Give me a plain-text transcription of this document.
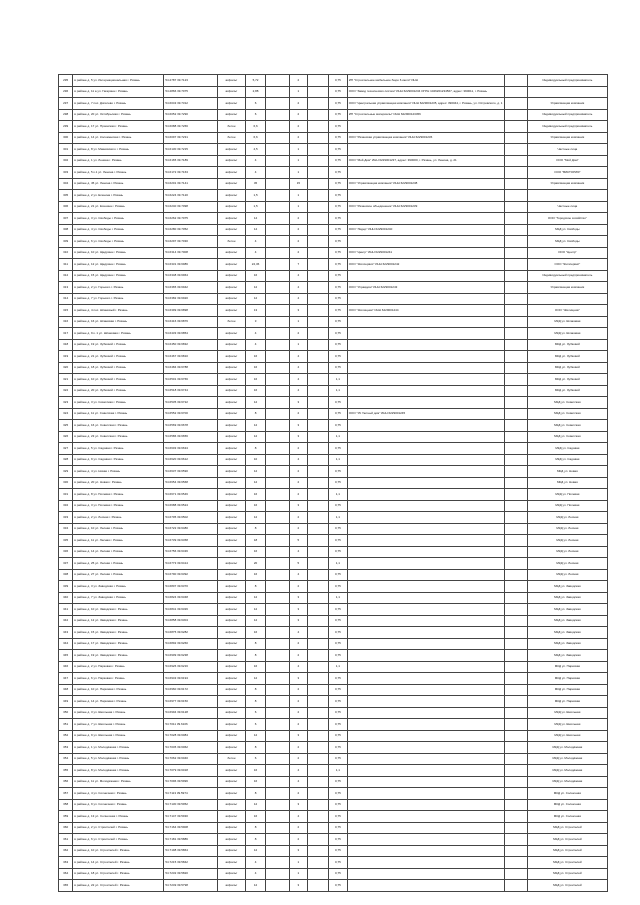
295	в районе д. 5 ул. Интернациональная г. Рязань	54.2787 39.7123	асфальт	5,72		2		0,75	ИП "Строительное мебельное бюро 6 июля" ИНН		Индивидуальный предприниматель
296	в районе д. 11 а ул. Гагарина г. Рязань	54.2866 39.7075	асфальт	2,88		1		0,75	ООО "Завод технических систем" ИНН 6229001234 ОГРН 1026201234567, адрес: 390011, г. Рязань		
297	в районе д. 7 пос. Дягилево г. Рязань	54.6043 39.7312	асфальт	6		2		0,75	ООО "Центральная управляющая компания" ИНН 6229001235, адрес: 390044, г. Рязань, ул. Островского, д. 1		Управляющая компания
298	в районе д. 20 ул. Октябрьская г. Рязань	54.6052 39.7290	асфальт	6		2		0,75	ИП "Строительные материалы" ИНН 622900123456		Индивидуальный предприниматель
299	в районе д. 17 ул. Приокская г. Рязань	54.6088 39.7266	бетон	6,6		2		0,75			Индивидуальный предприниматель
300	в районе д. 14 ул. Коломенская г. Рязань	54.6097 39.7231	бетон	6,6		2		0,75	ООО "Рязанская управляющая компания" ИНН 6229001236		Управляющая компания
301	в районе д. 8 ул. Маяковского г. Рязань	54.6130 39.7215	асфальт	4,5		1		0,75			Частные лица
302	в районе д. 1 ул. Ленина г. Рязань	54.6165 39.7189	асфальт	4		1		0,75	ООО "Мой Дом" ИНН 6229001237, адрес: 390000, г. Рязань, ул. Ленина, д. 21		ООО "Мой Дом"
303	в районе д. 5 к.1 ул. Ленина г. Рязань	54.6172 39.7163	асфальт	4		1		0,75			ООО "ВИКТОРИЯ"
304	в районе д. 45 ул. Ленина г. Рязань	54.6201 39.7141	асфальт	45		15		0,75	ООО "Управляющая компания" ИНН 6229001238		Управляющая компания
305	в районе д. 2 ул. Есенина г. Рязань	54.6224 39.7120	асфальт	1,5		1		0,75			
306	в районе д. 21 ул. Есенина г. Рязань	54.6240 39.7098	асфальт	1,5		1		0,75	ООО "Рязанское объединение" ИНН 6229001239		Частные лица
307	в районе д. 3 ул. Свободы г. Рязань	54.6262 39.7075	асфальт	14		2		0,75			ООО "Городское хозяйство"
308	в районе д. 4 ул. Свободы г. Рязань	54.6280 39.7052	асфальт	14		2		0,75	ООО "Лидер" ИНН 6229001240		МКД ул. Свободы
309	в районе д. 6 ул. Свободы г. Рязань	54.6297 39.7030	бетон	4		2		0,75			МКД ул. Свободы
310	в районе д. 10 ул. Щедрина г. Рязань	54.6314 39.7008	асфальт	4		2		0,75	ООО "Центр" ИНН 6229001241		ООО "Центр"
311	в районе д. 12 ул. Щедрина г. Рязань	54.6331 39.6986	асфальт	22,36		7		0,75	ООО "Жилсервис" ИНН 6229001242		ООО "Жилсервис"
312	в районе д. 15 ул. Щедрина г. Рязань	54.6348 39.6964	асфальт	16		4		0,75			Индивидуальный предприниматель
313	в районе д. 2 ул. Горького г. Рязань	54.6365 39.6942	асфальт	12		4		0,75	ООО "Управдом" ИНН 6229001243		Управляющая компания
314	в районе д. 7 ул. Горького г. Рязань	54.6382 39.6920	асфальт	12		4		0,75			
315	в районе д. 4 пос. Шлаковый г. Рязань	54.6399 39.6898	асфальт	13		3		0,75	ООО "Жилищник" ИНН 6229001244		ООО "Жилищник"
316	в районе д. 16 ул. Шлаковая г. Рязань	54.6416 39.6876	бетон	3		1		0,75			МКД ул. Шлаковая
317	в районе д. 9 к. 1 ул. Шлаковая г. Рязань	54.6433 39.6854	асфальт	4		2		0,75			МКД ул. Шлаковая
318	в районе д. 19 ул. Зубковой г. Рязань	54.6450 39.6832	асфальт	4		1		0,75			МКД ул. Зубковой
319	в районе д. 21 ул. Зубковой г. Рязань	54.6467 39.6810	асфальт	16		4		0,75			МКД ул. Зубковой
320	в районе д. 18 ул. Зубковой г. Рязань	54.6484 39.6788	асфальт	16		4		0,75			МКД ул. Зубковой
321	в районе д. 10 ул. Зубковой г. Рязань	54.6501 39.6766	асфальт	16		4		1,1			МКД ул. Зубковой
322	в районе д. 20 ул. Зубковой г. Рязань	54.6518 39.6744	асфальт	16		4		1,1			МКД ул. Зубковой
323	в районе д. 3 ул. Советская г. Рязань	54.6535 39.6722	асфальт	12		3		0,75			МКД ул. Советская
324	в районе д. 11 ул. Советская г. Рязань	54.6552 39.6700	асфальт	8		2		0,75	ООО "УК Уютный дом" ИНН 6229001245		МКД ул. Советская
325	в районе д. 16 ул. Советская г. Рязань	54.6569 39.6678	асфальт	12		3		0,75			МКД ул. Советская
326	в районе д. 23 ул. Советская г. Рязань	54.6586 39.6656	асфальт	12		3		1,1			МКД ул. Советская
327	в районе д. 5 ул. Садовая г. Рязань	54.6603 39.6634	асфальт	8		2		0,75			МКД ул. Садовая
328	в районе д. 9 ул. Садовая г. Рязань	54.6620 39.6612	асфальт	10		4		1,1			МКД ул. Садовая
329	в районе д. 4 ул. Новая г. Рязань	54.6637 39.6590	асфальт	12		2		0,75			МКД ул. Новая
330	в районе д. 20 ул. Новая г. Рязань	54.6654 39.6568	асфальт	12		2		0,75			МКД ул. Новая
331	в районе д. 8 ул. Полевая г. Рязань	54.6671 39.6546	асфальт	16		2		1,1			МКД ул. Полевая
332	в районе д. 3 ул. Полевая г. Рязань	54.6688 39.6524	асфальт	16		3		0,75			МКД ул. Полевая
333	в районе д. 2 ул. Лесная г. Рязань	54.6705 39.6502	асфальт	12		2		1,1			МКД ул. Лесная
334	в районе д. 10 ул. Лесная г. Рязань	54.6722 39.6480	асфальт	8		2		0,75			МКД ул. Лесная
335	в районе д. 11 ул. Лесная г. Рязань	54.6739 39.6458	асфальт	18		5		0,75			МКД ул. Лесная
336	в районе д. 14 ул. Лесная г. Рязань	54.6756 39.6436	асфальт	16		4		0,75			МКД ул. Лесная
337	в районе д. 25 ул. Лесная г. Рязань	54.6773 39.6414	асфальт	20		5		1,1			МКД ул. Лесная
338	в районе д. 27 ул. Лесная г. Рязань	54.6790 39.6392	асфальт	16		4		0,75			МКД ул. Лесная
339	в районе д. 3 ул. Заводская г. Рязань	54.6807 39.6370	асфальт	8		2		0,75			МКД ул. Заводская
340	в районе д. 7 ул. Заводская г. Рязань	54.6824 39.6348	асфальт	12		3		1,1			МКД ул. Заводская
341	в районе д. 10 ул. Заводская г. Рязань	54.6841 39.6326	асфальт	12		3		0,75			МКД ул. Заводская
342	в районе д. 12 ул. Заводская г. Рязань	54.6858 39.6304	асфальт	12		3		0,75			МКД ул. Заводская
343	в районе д. 15 ул. Заводская г. Рязань	54.6875 39.6282	асфальт	16		4		0,75			МКД ул. Заводская
344	в районе д. 17 ул. Заводская г. Рязань	54.6892 39.6260	асфальт	8		2		0,75			МКД ул. Заводская
345	в районе д. 19 ул. Заводская г. Рязань	54.6909 39.6238	асфальт	8		2		0,75			МКД ул. Заводская
346	в районе д. 2 ул. Парковая г. Рязань	54.6926 39.6216	асфальт	16		4		1,1			МКД ул. Парковая
347	в районе д. 6 ул. Парковая г. Рязань	54.6943 39.6194	асфальт	12		3		0,75			МКД ул. Парковая
348	в районе д. 10 ул. Парковая г. Рязань	54.6960 39.6172	асфальт	8		2		0,75			МКД ул. Парковая
349	в районе д. 14 ул. Парковая г. Рязань	54.6977 39.6150	асфальт	8		2		0,75			МКД ул. Парковая
350	в районе д. 3 ул. Школьная г. Рязань	54.6994 39.6128	асфальт	6		2		0,75			МКД ул. Школьная
351	в районе д. 7 ул. Школьная г. Рязань	54.7011 39.6106	асфальт	6		2		0,75			МКД ул. Школьная
352	в районе д. 9 ул. Школьная г. Рязань	54.7028 39.6084	асфальт	12		3		0,75			МКД ул. Школьная
353	в районе д. 1 ул. Молодёжная г. Рязань	54.7045 39.6062	асфальт	8		2		0,75			МКД ул. Молодёжная
354	в районе д. 5 ул. Молодёжная г. Рязань	54.7062 39.6040	бетон	6		2		0,75			МКД ул. Молодёжная
355	в районе д. 8 ул. Молодёжная г. Рязань	54.7079 39.6018	асфальт	16		4		1,1			МКД ул. Молодёжная
356	в районе д. 11 ул. Молодёжная г. Рязань	54.7096 39.5996	асфальт	16		4		0,75			МКД ул. Молодёжная
357	в районе д. 4 ул. Солнечная г. Рязань	54.7113 39.5974	асфальт	8		2		0,75			МКД ул. Солнечная
358	в районе д. 9 ул. Солнечная г. Рязань	54.7130 39.5952	асфальт	12		3		0,75			МКД ул. Солнечная
359	в районе д. 13 ул. Солнечная г. Рязань	54.7147 39.5930	асфальт	16		4		0,75			МКД ул. Солнечная
360	в районе д. 2 ул. Строителей г. Рязань	54.7164 39.5908	асфальт	8		2		0,75			МКД ул. Строителей
361	в районе д. 6 ул. Строителей г. Рязань	54.7181 39.5886	асфальт	8		2		0,75			МКД ул. Строителей
362	в районе д. 10 ул. Строителей г. Рязань	54.7198 39.5864	асфальт	12		3		0,75			МКД ул. Строителей
363	в районе д. 14 ул. Строителей г. Рязань	54.7215 39.5842	асфальт	4		1		0,75			МКД ул. Строителей
364	в районе д. 18 ул. Строителей г. Рязань	54.7232 39.5820	асфальт	4		1		0,75			МКД ул. Строителей
365	в районе д. 22 ул. Строителей г. Рязань	54.7249 39.5798	асфальт	12		3		0,75			МКД ул. Строителей
